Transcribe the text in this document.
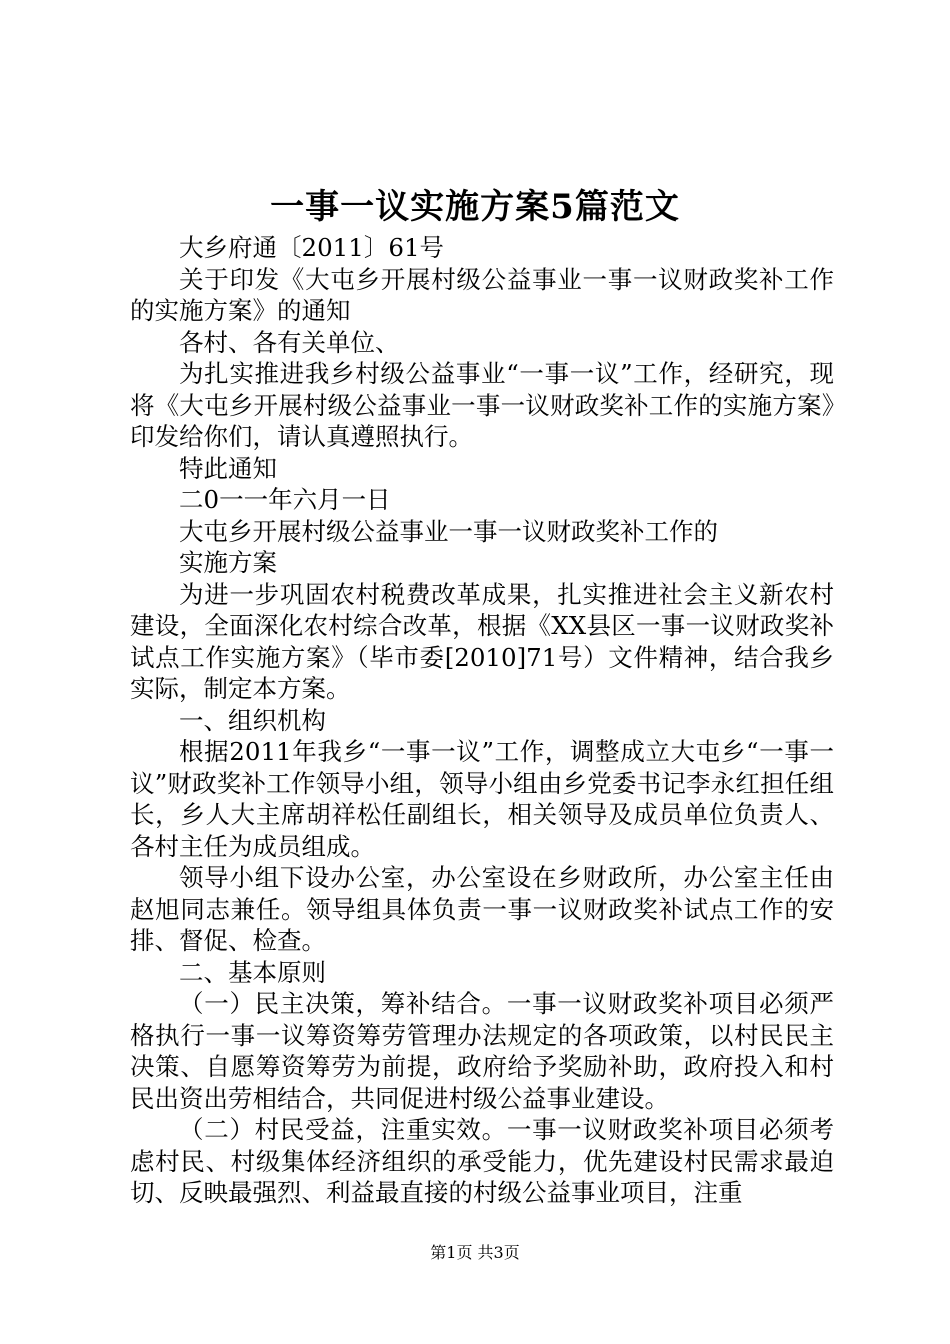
一事一议实施方案5篇范文

大乡府通〔2011〕61号

关于印发《大屯乡开展村级公益事业一事一议财政奖补工作的实施方案》的通知

各村、各有关单位、

为扎实推进我乡村级公益事业“一事一议”工作，经研究，现将《大屯乡开展村级公益事业一事一议财政奖补工作的实施方案》印发给你们，请认真遵照执行。

特此通知

二0一一年六月一日

大屯乡开展村级公益事业一事一议财政奖补工作的

实施方案

为进一步巩固农村税费改革成果，扎实推进社会主义新农村建设，全面深化农村综合改革，根据《XX县区一事一议财政奖补试点工作实施方案》（毕市委[2010]71号）文件精神，结合我乡实际，制定本方案。

一、组织机构

根据2011年我乡“一事一议”工作，调整成立大屯乡“一事一议”财政奖补工作领导小组，领导小组由乡党委书记李永红担任组长，乡人大主席胡祥松任副组长，相关领导及成员单位负责人、各村主任为成员组成。

领导小组下设办公室，办公室设在乡财政所，办公室主任由赵旭同志兼任。领导组具体负责一事一议财政奖补试点工作的安排、督促、检查。

二、基本原则

（一）民主决策，筹补结合。一事一议财政奖补项目必须严格执行一事一议筹资筹劳管理办法规定的各项政策，以村民民主决策、自愿筹资筹劳为前提，政府给予奖励补助，政府投入和村民出资出劳相结合，共同促进村级公益事业建设。

（二）村民受益，注重实效。一事一议财政奖补项目必须考虑村民、村级集体经济组织的承受能力，优先建设村民需求最迫切、反映最强烈、利益最直接的村级公益事业项目，注重

第1页 共3页
